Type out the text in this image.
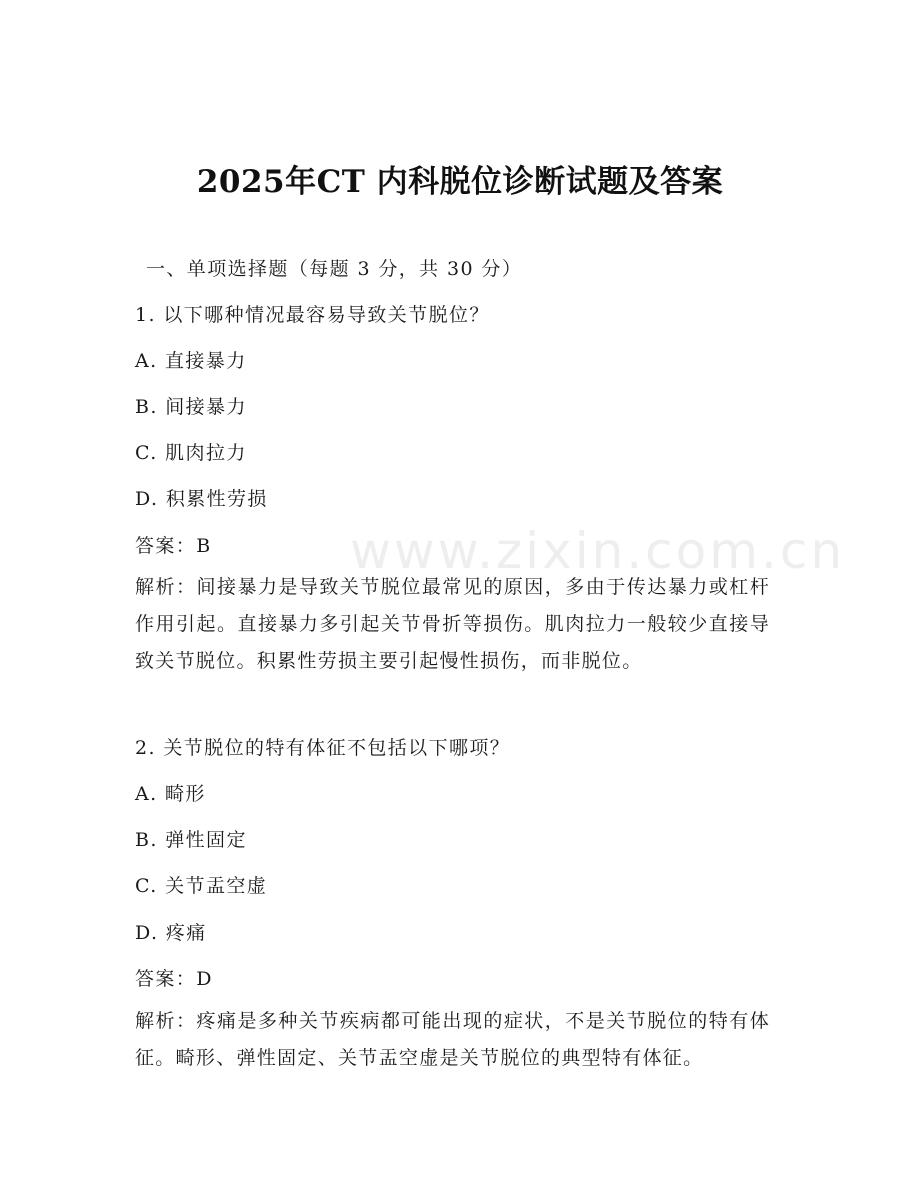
www.zixin.com.cn
2025年CT 内科脱位诊断试题及答案
一、单项选择题（每题 3 分，共 30 分）
1. 以下哪种情况最容易导致关节脱位？
A. 直接暴力
B. 间接暴力
C. 肌肉拉力
D. 积累性劳损
答案：B
解析：间接暴力是导致关节脱位最常见的原因，多由于传达暴力或杠杆作用引起。直接暴力多引起关节骨折等损伤。肌肉拉力一般较少直接导致关节脱位。积累性劳损主要引起慢性损伤，而非脱位。
2. 关节脱位的特有体征不包括以下哪项？
A. 畸形
B. 弹性固定
C. 关节盂空虚
D. 疼痛
答案：D
解析：疼痛是多种关节疾病都可能出现的症状，不是关节脱位的特有体征。畸形、弹性固定、关节盂空虚是关节脱位的典型特有体征。
